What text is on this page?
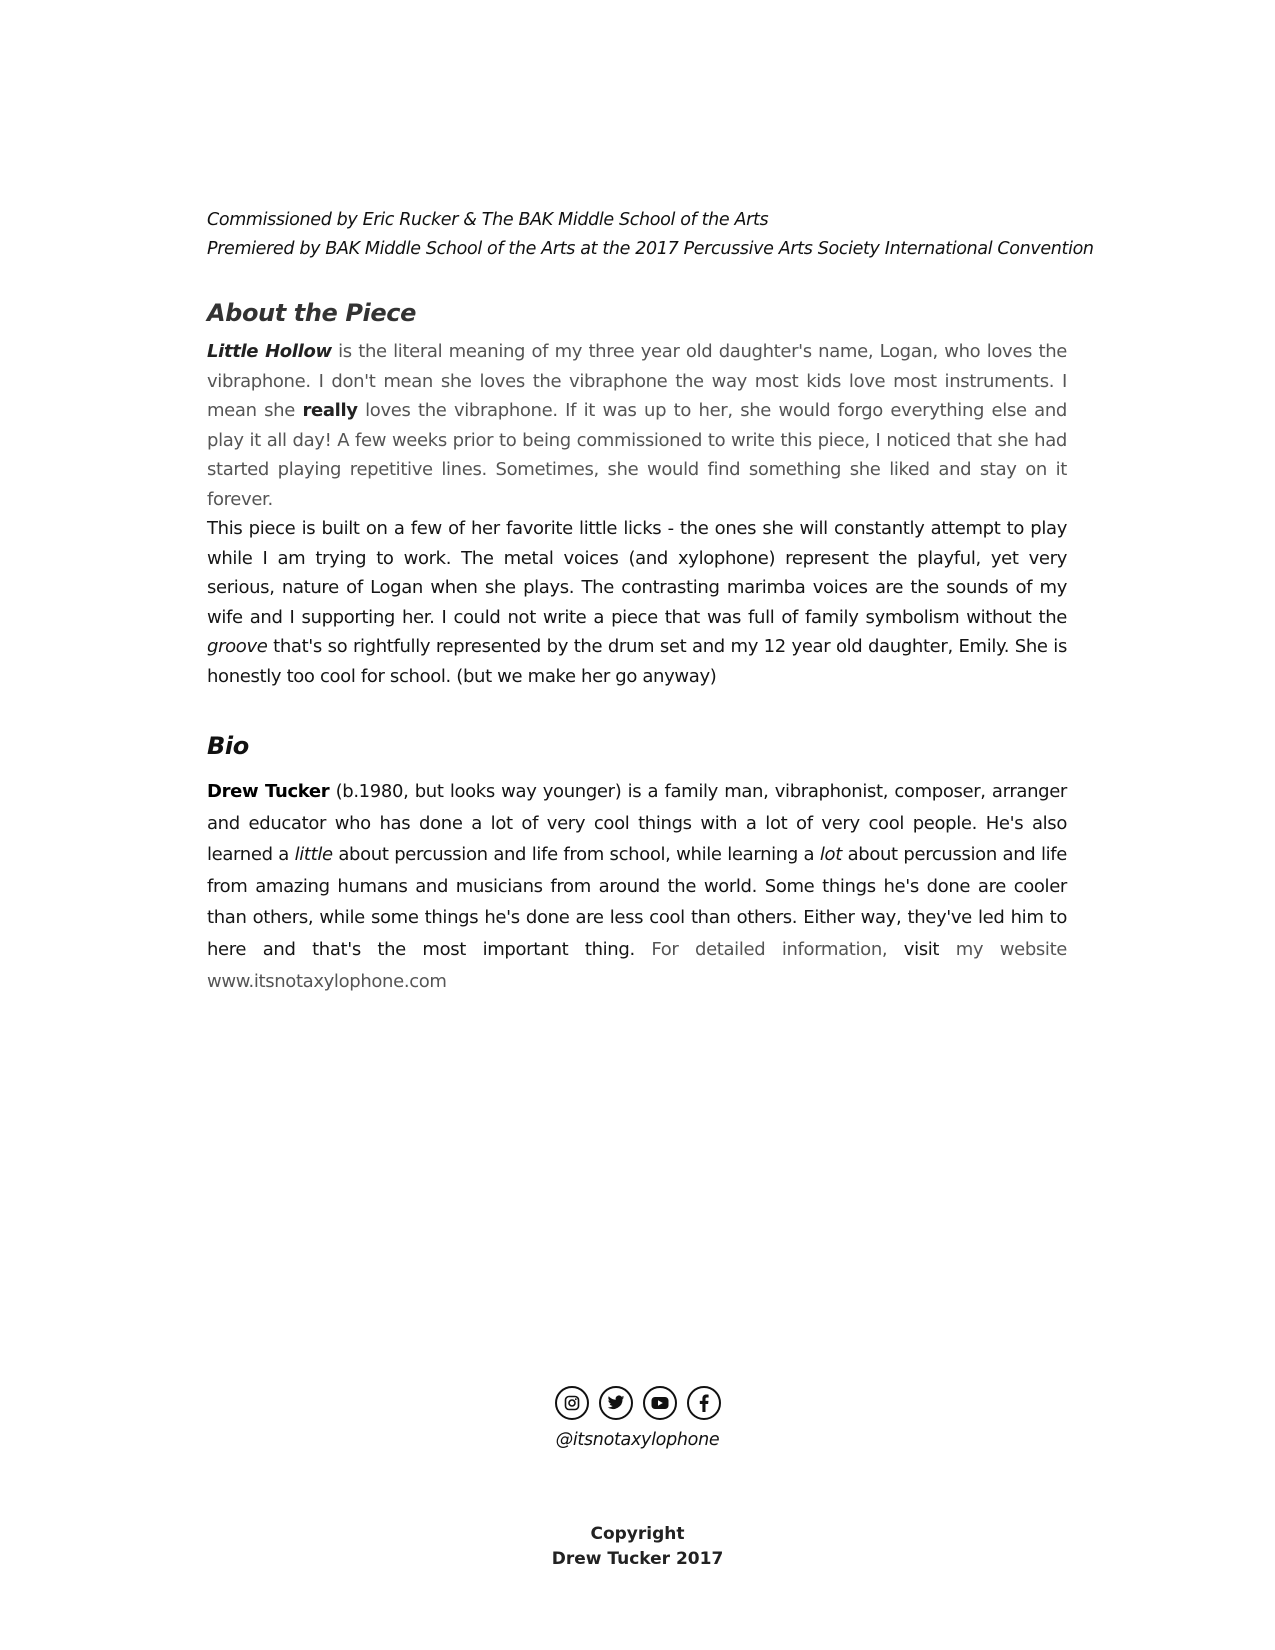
Commissioned by Eric Rucker & The BAK Middle School of the Arts
Premiered by BAK Middle School of the Arts at the 2017 Percussive Arts Society International Convention
About the Piece

Little Hollow is the literal meaning of my three year old daughter's name, Logan, who loves the vibraphone. I don't mean she loves the vibraphone the way most kids love most instruments. I mean she really loves the vibraphone. If it was up to her, she would forgo everything else and play it all day! A few weeks prior to being commissioned to write this piece, I noticed that she had started playing repetitive lines. Sometimes, she would find something she liked and stay on it forever.

This piece is built on a few of her favorite little licks - the ones she will constantly attempt to play while I am trying to work. The metal voices (and xylophone) represent the playful, yet very serious, nature of Logan when she plays. The contrasting marimba voices are the sounds of my wife and I supporting her. I could not write a piece that was full of family symbolism without the groove that's so rightfully represented by the drum set and my 12 year old daughter, Emily. She is honestly too cool for school. (but we make her go anyway)

Bio

Drew Tucker (b.1980, but looks way younger) is a family man, vibraphonist, composer, arranger and educator who has done a lot of very cool things with a lot of very cool people. He's also learned a little about percussion and life from school, while learning a lot about percussion and life from amazing humans and musicians from around the world. Some things he's done are cooler than others, while some things he's done are less cool than others. Either way, they've led him to here and that's the most important thing. For detailed information, visit my website www.itsnotaxylophone.com

@itsnotaxylophone
Copyright
Drew Tucker 2017
